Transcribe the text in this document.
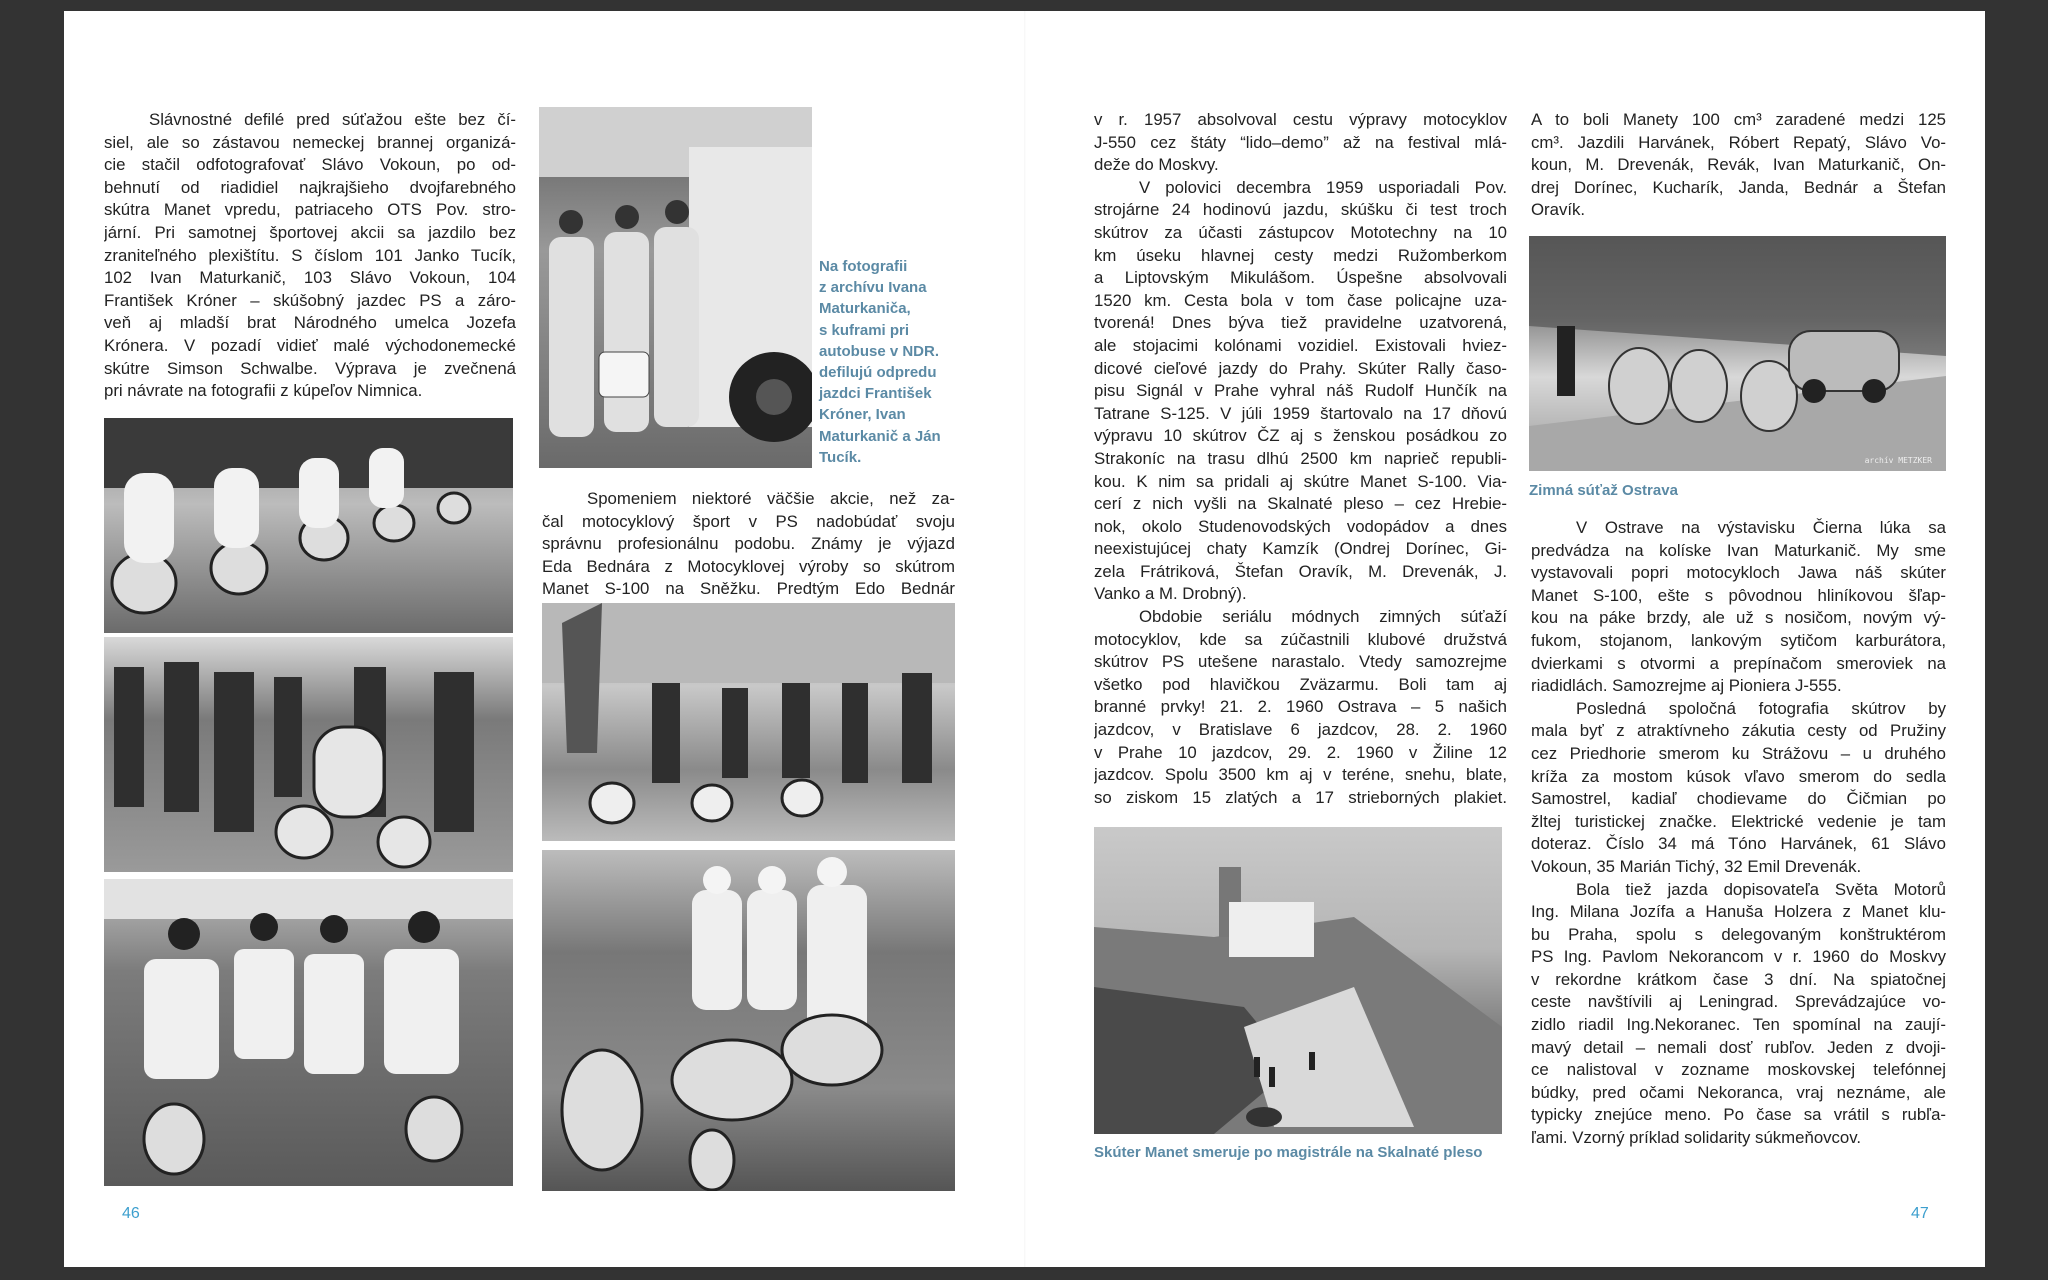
Slávnostné defilé pred súťažou ešte bez čí-
siel, ale so zástavou nemeckej brannej organizá-
cie stačil odfotografovať Slávo Vokoun, po od-
behnutí od riadidiel najkrajšieho dvojfarebného
skútra Manet vpredu, patriaceho OTS Pov. stro-
jární. Pri samotnej športovej akcii sa jazdilo bez
zraniteľného plexištítu. S číslom 101 Janko Tucík,
102 Ivan Maturkanič, 103 Slávo Vokoun, 104
František Króner – skúšobný jazdec PS a záro-
veň aj mladší brat Národného umelca Jozefa
Krónera. V pozadí vidieť malé východonemecké
skútre Simson Schwalbe. Výprava je zvečnená
pri návrate na fotografii z kúpeľov Nimnica.
Na fotografii
z archívu Ivana
Maturkaniča,
s kuframi pri
autobuse v NDR.
defilujú odpredu
jazdci František
Króner, Ivan
Maturkanič a Ján
Tucík.
Spomeniem niektoré väčšie akcie, než za-
čal motocyklový šport v PS nadobúdať svoju
správnu profesionálnu podobu. Známy je výjazd
Eda Bednára z Motocyklovej výroby so skútrom
Manet S-100 na Sněžku. Predtým Edo Bednár
46
v r. 1957 absolvoval cestu výpravy motocyklov
J-550 cez štáty “lido–demo” až na festival mlá-
deže do Moskvy.
V polovici decembra 1959 usporiadali Pov.
strojárne 24 hodinovú jazdu, skúšku či test troch
skútrov za účasti zástupcov Mototechny na 10
km úseku hlavnej cesty medzi Ružomberkom
a Liptovským Mikulášom. Úspešne absolvovali
1520 km. Cesta bola v tom čase policajne uza-
tvorená! Dnes býva tiež pravidelne uzatvorená,
ale stojacimi kolónami vozidiel. Existovali hviez-
dicové cieľové jazdy do Prahy. Skúter Rally časo-
pisu Signál v Prahe vyhral náš Rudolf Hunčík na
Tatrane S-125. V júli 1959 štartovalo na 17 dňovú
výpravu 10 skútrov ČZ aj s ženskou posádkou zo
Strakoníc na trasu dlhú 2500 km naprieč republi-
kou. K nim sa pridali aj skútre Manet S-100. Via-
cerí z nich vyšli na Skalnaté pleso – cez Hrebie-
nok, okolo Studenovodských vodopádov a dnes
neexistujúcej chaty Kamzík (Ondrej Dorínec, Gi-
zela Frátriková, Štefan Oravík, M. Drevenák, J.
Vanko a M. Drobný).
Obdobie seriálu módnych zimných súťaží
motocyklov, kde sa zúčastnili klubové družstvá
skútrov PS utešene narastalo. Vtedy samozrejme
všetko pod hlavičkou Zväzarmu. Boli tam aj
branné prvky! 21. 2. 1960 Ostrava – 5 našich
jazdcov, v Bratislave 6 jazdcov, 28. 2. 1960
v Prahe 10 jazdcov, 29. 2. 1960 v Žiline 12
jazdcov. Spolu 3500 km aj v teréne, snehu, blate,
so ziskom 15 zlatých a 17 strieborných plakiet.
Skúter Manet smeruje po magistrále na Skalnaté pleso
A to boli Manety 100 cm³ zaradené medzi 125
cm³. Jazdili Harvánek, Róbert Repatý, Slávo Vo-
koun, M. Drevenák, Revák, Ivan Maturkanič, On-
drej Dorínec, Kucharík, Janda, Bednár a Štefan
Oravík.
archív METZKER
Zimná súťaž Ostrava
V Ostrave na výstavisku Čierna lúka sa
predvádza na kolíske Ivan Maturkanič. My sme
vystavovali popri motocykloch Jawa náš skúter
Manet S-100, ešte s pôvodnou hliníkovou šľap-
kou na páke brzdy, ale už s nosičom, novým vý-
fukom, stojanom, lankovým sytičom karburátora,
dvierkami s otvormi a prepínačom smeroviek na
riadidlách. Samozrejme aj Pioniera J-555.
Posledná spoločná fotografia skútrov by
mala byť z atraktívneho zákutia cesty od Pružiny
cez Priedhorie smerom ku Strážovu – u druhého
kríža za mostom kúsok vľavo smerom do sedla
Samostrel, kadiaľ chodievame do Čičmian po
žltej turistickej značke. Elektrické vedenie je tam
doteraz. Číslo 34 má Tóno Harvánek, 61 Slávo
Vokoun, 35 Marián Tichý, 32 Emil Drevenák.
Bola tiež jazda dopisovateľa Světa Motorů
Ing. Milana Jozífa a Hanuša Holzera z Manet klu-
bu Praha, spolu s delegovaným konštruktérom
PS Ing. Pavlom Nekorancom v r. 1960 do Moskvy
v rekordne krátkom čase 3 dní. Na spiatočnej
ceste navštívili aj Leningrad. Sprevádzajúce vo-
zidlo riadil Ing.Nekoranec. Ten spomínal na zaují-
mavý detail – nemali dosť rubľov. Jeden z dvoji-
ce nalistoval v zozname moskovskej telefónnej
búdky, pred očami Nekoranca, vraj neznáme, ale
typicky znejúce meno. Po čase sa vrátil s rubľa-
ľami. Vzorný príklad solidarity súkmeňovcov.
47
